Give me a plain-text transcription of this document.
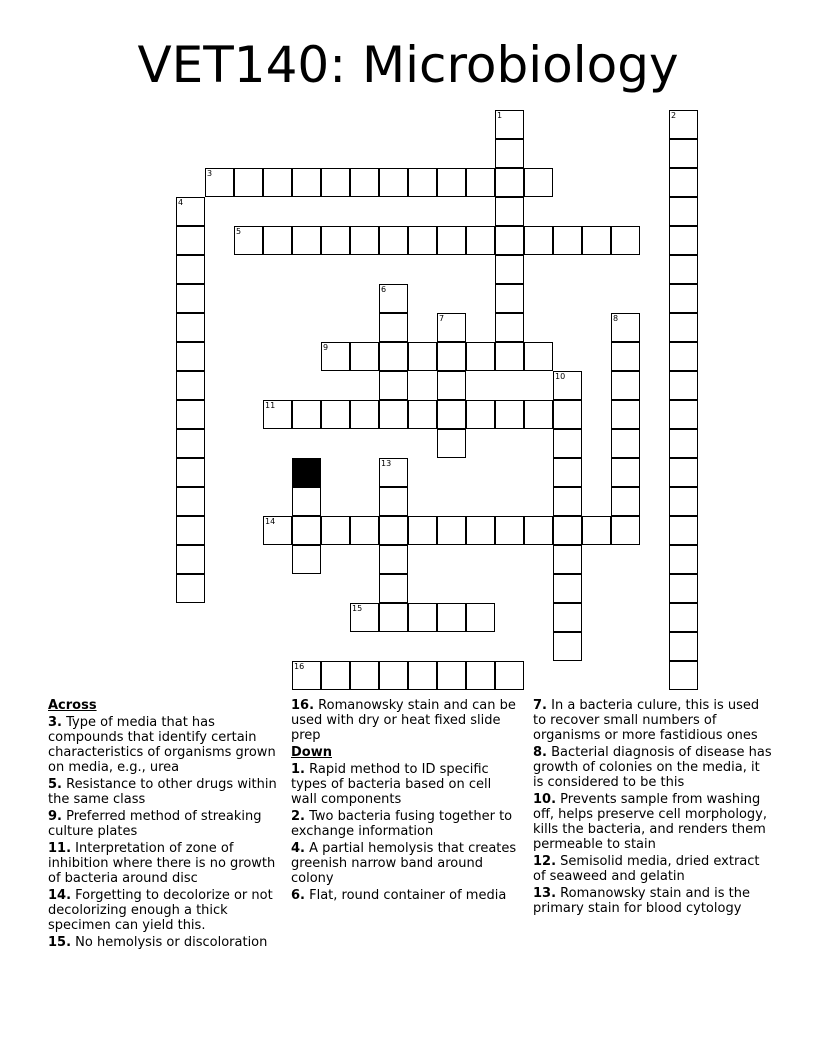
VET140: Microbiology
1	2
3
4
5
6
7	8
9
10
11
13
14
15
16
Across
3. Type of media that has compounds that identify certain characteristics of organisms grown on media, e.g., urea
5. Resistance to other drugs within the same class
9. Preferred method of streaking culture plates
11. Interpretation of zone of inhibition where there is no growth of bacteria around disc
14. Forgetting to decolorize or not decolorizing enough a thick specimen can yield this.
15. No hemolysis or discoloration
16. Romanowsky stain and can be used with dry or heat fixed slide prep
Down
1. Rapid method to ID specific types of bacteria based on cell wall components
2. Two bacteria fusing together to exchange information
4. A partial hemolysis that creates greenish narrow band around colony
6. Flat, round container of media
7. In a bacteria culure, this is used to recover small numbers of organisms or more fastidious ones
8. Bacterial diagnosis of disease has growth of colonies on the media, it is considered to be this
10. Prevents sample from washing off, helps preserve cell morphology, kills the bacteria, and renders them permeable to stain
12. Semisolid media, dried extract of seaweed and gelatin
13. Romanowsky stain and is the primary stain for blood cytology
